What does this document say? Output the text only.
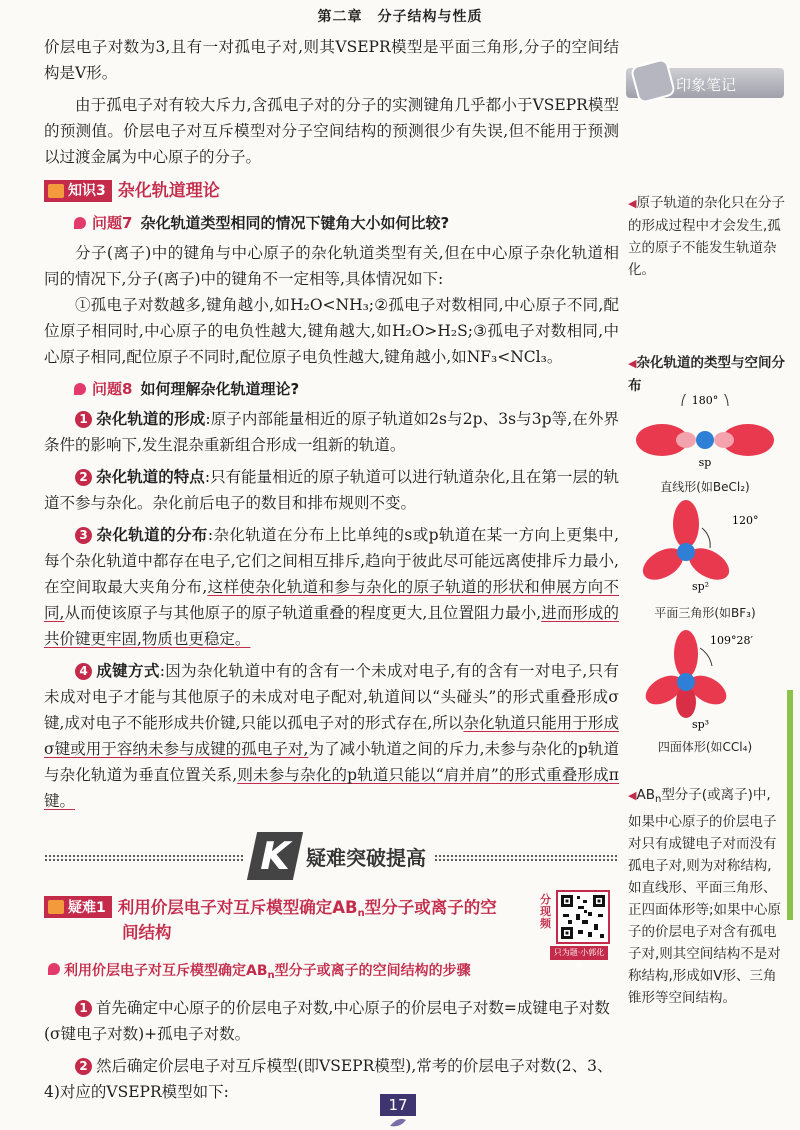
第二章　分子结构与性质

价层电子对数为3,且有一对孤电子对,则其VSEPR模型是平面三角形,分子的空间结构是V形。

由于孤电子对有较大斥力,含孤电子对的分子的实测键角几乎都小于VSEPR模型的预测值。价层电子对互斥模型对分子空间结构的预测很少有失误,但不能用于预测以过渡金属为中心原子的分子。

知识3 杂化轨道理论
问题7 杂化轨道类型相同的情况下键角大小如何比较?

分子(离子)中的键角与中心原子的杂化轨道类型有关,但在中心原子杂化轨道相同的情况下,分子(离子)中的键角不一定相等,具体情况如下:

①孤电子对数越多,键角越小,如H₂O<NH₃;②孤电子对数相同,中心原子不同,配位原子相同时,中心原子的电负性越大,键角越大,如H₂O>H₂S;③孤电子对数相同,中心原子相同,配位原子不同时,配位原子电负性越大,键角越小,如NF₃<NCl₃。

问题8 如何理解杂化轨道理论?

1 杂化轨道的形成:原子内部能量相近的原子轨道如2s与2p、3s与3p等,在外界条件的影响下,发生混杂重新组合形成一组新的轨道。

2 杂化轨道的特点:只有能量相近的原子轨道可以进行轨道杂化,且在第一层的轨道不参与杂化。杂化前后电子的数目和排布规则不变。

3 杂化轨道的分布:杂化轨道在分布上比单纯的s或p轨道在某一方向上更集中,每个杂化轨道中都存在电子,它们之间相互排斥,趋向于彼此尽可能远离使排斥力最小,在空间取最大夹角分布,这样使杂化轨道和参与杂化的原子轨道的形状和伸展方向不同,从而使该原子与其他原子的原子轨道重叠的程度更大,且位置阻力最小,进而形成的共价键更牢固,物质也更稳定。

4 成键方式:因为杂化轨道中有的含有一个未成对电子,有的含有一对电子,只有未成对电子才能与其他原子的未成对电子配对,轨道间以“头碰头”的形式重叠形成σ键,成对电子不能形成共价键,只能以孤电子对的形式存在,所以杂化轨道只能用于形成σ键或用于容纳未参与成键的孤电子对,为了减小轨道之间的斥力,未参与杂化的p轨道与杂化轨道为垂直位置关系,则未参与杂化的p轨道只能以“肩并肩”的形式重叠形成π键。

K 疑难突破提高
疑难1 利用价层电子对互斥模型确定$AB_n$型分子或离子的空
间结构
分现频
只为题·小郭化学

利用价层电子对互斥模型确定$AB_n$型分子或离子的空间结构的步骤

1 首先确定中心原子的价层电子对数,中心原子的价层电子对数=成键电子对数(σ键电子对数)+孤电子对数。

2 然后确定价层电子对互斥模型(即VSEPR模型),常考的价层电子对数(2、3、4)对应的VSEPR模型如下:

印象笔记
◀原子轨道的杂化只在分子的形成过程中才会发生,孤立的原子不能发生轨道杂化。
◀杂化轨道的类型与空间分布
180°
sp
直线形(如BeCl₂)
120°
sp²
平面三角形(如BF₃)
109°28′
sp³
四面体形(如CCl₄)
$◀AB_n$型分子(或离子)中,如果中心原子的价层电子对只有成键电子对而没有孤电子对,则为对称结构,如直线形、平面三角形、正四面体形等;如果中心原子的价层电子对含有孤电子对,则其空间结构不是对称结构,形成如V形、三角锥形等空间结构。
17
